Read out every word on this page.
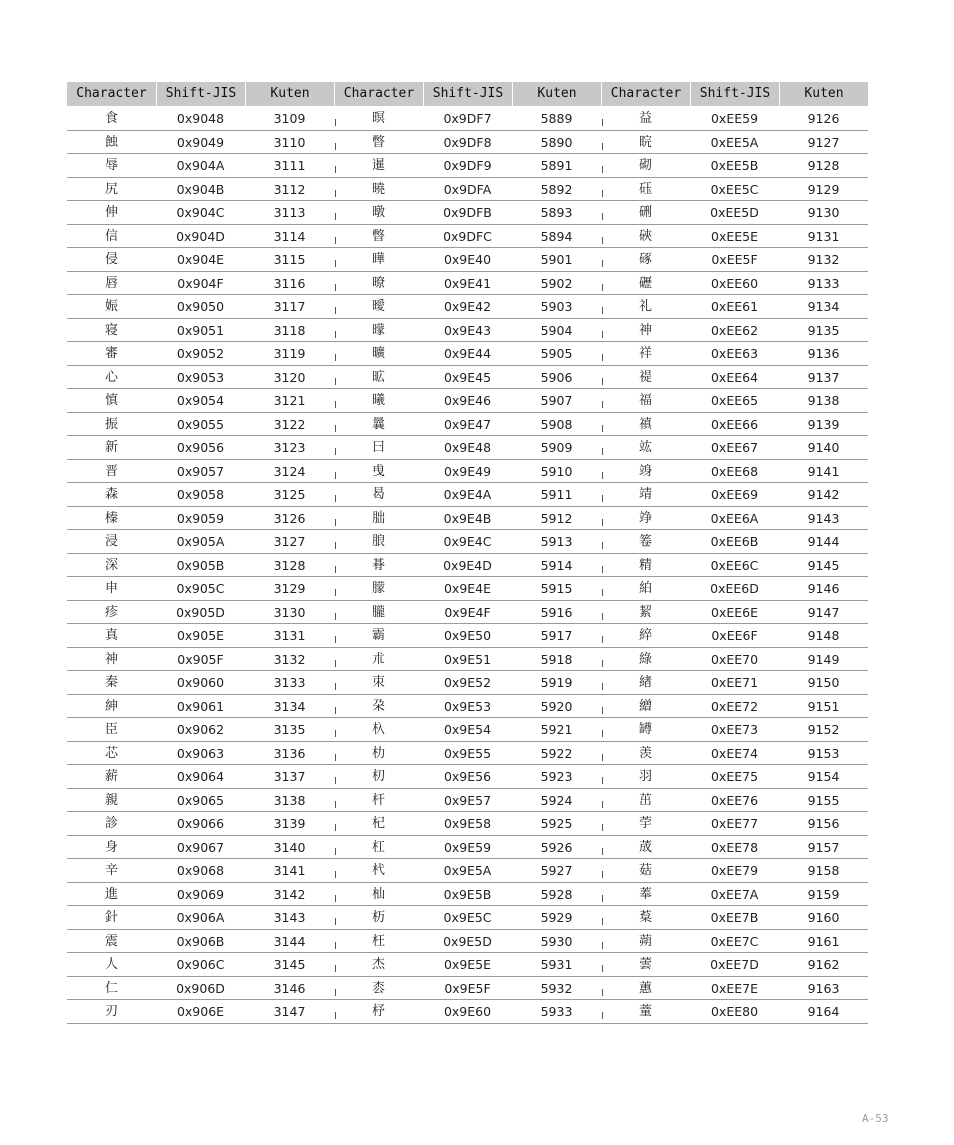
Character	Shift-JIS	Kuten	Character	Shift-JIS	Kuten	Character	Shift-JIS	Kuten
食	0x9048	3109	暝	0x9DF7	5889	益	0xEE59	9126
蝕	0x9049	3110	暼	0x9DF8	5890	睆	0xEE5A	9127
辱	0x904A	3111	暹	0x9DF9	5891	砌	0xEE5B	9128
尻	0x904B	3112	曉	0x9DFA	5892	砡	0xEE5C	9129
伸	0x904C	3113	暾	0x9DFB	5893	硎	0xEE5D	9130
信	0x904D	3114	暼	0x9DFC	5894	硤	0xEE5E	9131
侵	0x904E	3115	曄	0x9E40	5901	硺	0xEE5F	9132
唇	0x904F	3116	暸	0x9E41	5902	礰	0xEE60	9133
娠	0x9050	3117	曖	0x9E42	5903	礼	0xEE61	9134
寝	0x9051	3118	曚	0x9E43	5904	神	0xEE62	9135
審	0x9052	3119	曠	0x9E44	5905	祥	0xEE63	9136
心	0x9053	3120	昿	0x9E45	5906	禔	0xEE64	9137
慎	0x9054	3121	曦	0x9E46	5907	福	0xEE65	9138
振	0x9055	3122	曩	0x9E47	5908	禛	0xEE66	9139
新	0x9056	3123	曰	0x9E48	5909	竑	0xEE67	9140
晋	0x9057	3124	曵	0x9E49	5910	竧	0xEE68	9141
森	0x9058	3125	曷	0x9E4A	5911	靖	0xEE69	9142
榛	0x9059	3126	朏	0x9E4B	5912	竫	0xEE6A	9143
浸	0x905A	3127	朖	0x9E4C	5913	箞	0xEE6B	9144
深	0x905B	3128	朞	0x9E4D	5914	精	0xEE6C	9145
申	0x905C	3129	朦	0x9E4E	5915	絈	0xEE6D	9146
疹	0x905D	3130	朧	0x9E4F	5916	絜	0xEE6E	9147
真	0x905E	3131	霸	0x9E50	5917	綷	0xEE6F	9148
神	0x905F	3132	朮	0x9E51	5918	綠	0xEE70	9149
秦	0x9060	3133	朿	0x9E52	5919	緖	0xEE71	9150
紳	0x9061	3134	朶	0x9E53	5920	繒	0xEE72	9151
臣	0x9062	3135	杁	0x9E54	5921	罇	0xEE73	9152
芯	0x9063	3136	朸	0x9E55	5922	羡	0xEE74	9153
薪	0x9064	3137	朷	0x9E56	5923	羽	0xEE75	9154
親	0x9065	3138	杆	0x9E57	5924	茁	0xEE76	9155
診	0x9066	3139	杞	0x9E58	5925	荢	0xEE77	9156
身	0x9067	3140	杠	0x9E59	5926	荿	0xEE78	9157
辛	0x9068	3141	杙	0x9E5A	5927	菇	0xEE79	9158
進	0x9069	3142	杣	0x9E5B	5928	菶	0xEE7A	9159
針	0x906A	3143	杤	0x9E5C	5929	葈	0xEE7B	9160
震	0x906B	3144	枉	0x9E5D	5930	蒴	0xEE7C	9161
人	0x906C	3145	杰	0x9E5E	5931	蕓	0xEE7D	9162
仁	0x906D	3146	枩	0x9E5F	5932	蕙	0xEE7E	9163
刃	0x906E	3147	杼	0x9E60	5933	蕫	0xEE80	9164
A-53
